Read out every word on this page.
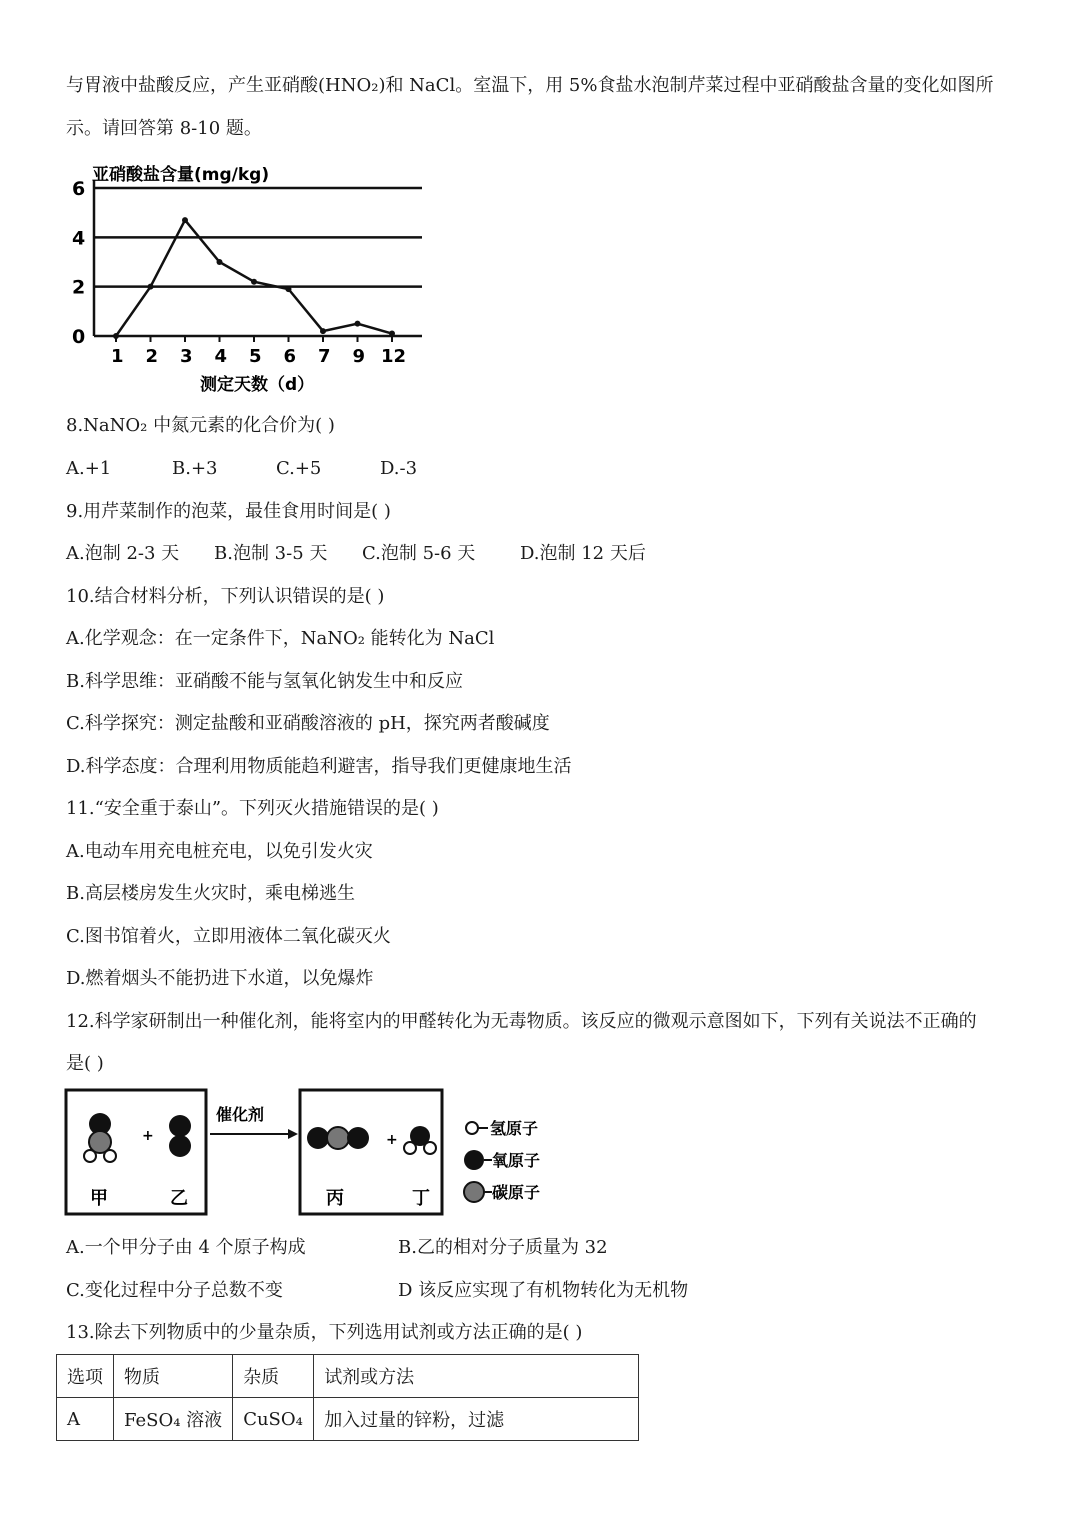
与胃液中盐酸反应，产生亚硝酸(HNO₂)和 NaCl。室温下，用 5%食盐水泡制芹菜过程中亚硝酸盐含量的变化如图所
示。请回答第 8-10 题。
0
2
4
6
1 2 3 4 5 6 7 9 12
亚硝酸盐含量(mg/kg)
测定天数（d）
8.NaNO₂ 中氮元素的化合价为( )
A.+1	B.+3	C.+5	D.-3
9.用芹菜制作的泡菜，最佳食用时间是( )
A.泡制 2-3 天 B.泡制 3-5 天 C.泡制 5-6 天 D.泡制 12 天后
10.结合材料分析，下列认识错误的是( )
A.化学观念：在一定条件下，NaNO₂ 能转化为 NaCl
B.科学思维：亚硝酸不能与氢氧化钠发生中和反应
C.科学探究：测定盐酸和亚硝酸溶液的 pH，探究两者酸碱度
D.科学态度：合理利用物质能趋利避害，指导我们更健康地生活
11.“安全重于泰山”。下列灭火措施错误的是( )
A.电动车用充电桩充电，以免引发火灾
B.高层楼房发生火灾时，乘电梯逃生
C.图书馆着火，立即用液体二氧化碳灭火
D.燃着烟头不能扔进下水道，以免爆炸
12.科学家研制出一种催化剂，能将室内的甲醛转化为无毒物质。该反应的微观示意图如下，下列有关说法不正确的
是( )
+
甲	乙
催化剂
+
丙	丁
氢原子
氧原子
碳原子
A.一个甲分子由 4 个原子构成	B.乙的相对分子质量为 32
C.变化过程中分子总数不变	D 该反应实现了有机物转化为无机物
13.除去下列物质中的少量杂质，下列选用试剂或方法正确的是( )
选项	物质	杂质	试剂或方法
A	FeSO₄ 溶液	CuSO₄	加入过量的锌粉，过滤
